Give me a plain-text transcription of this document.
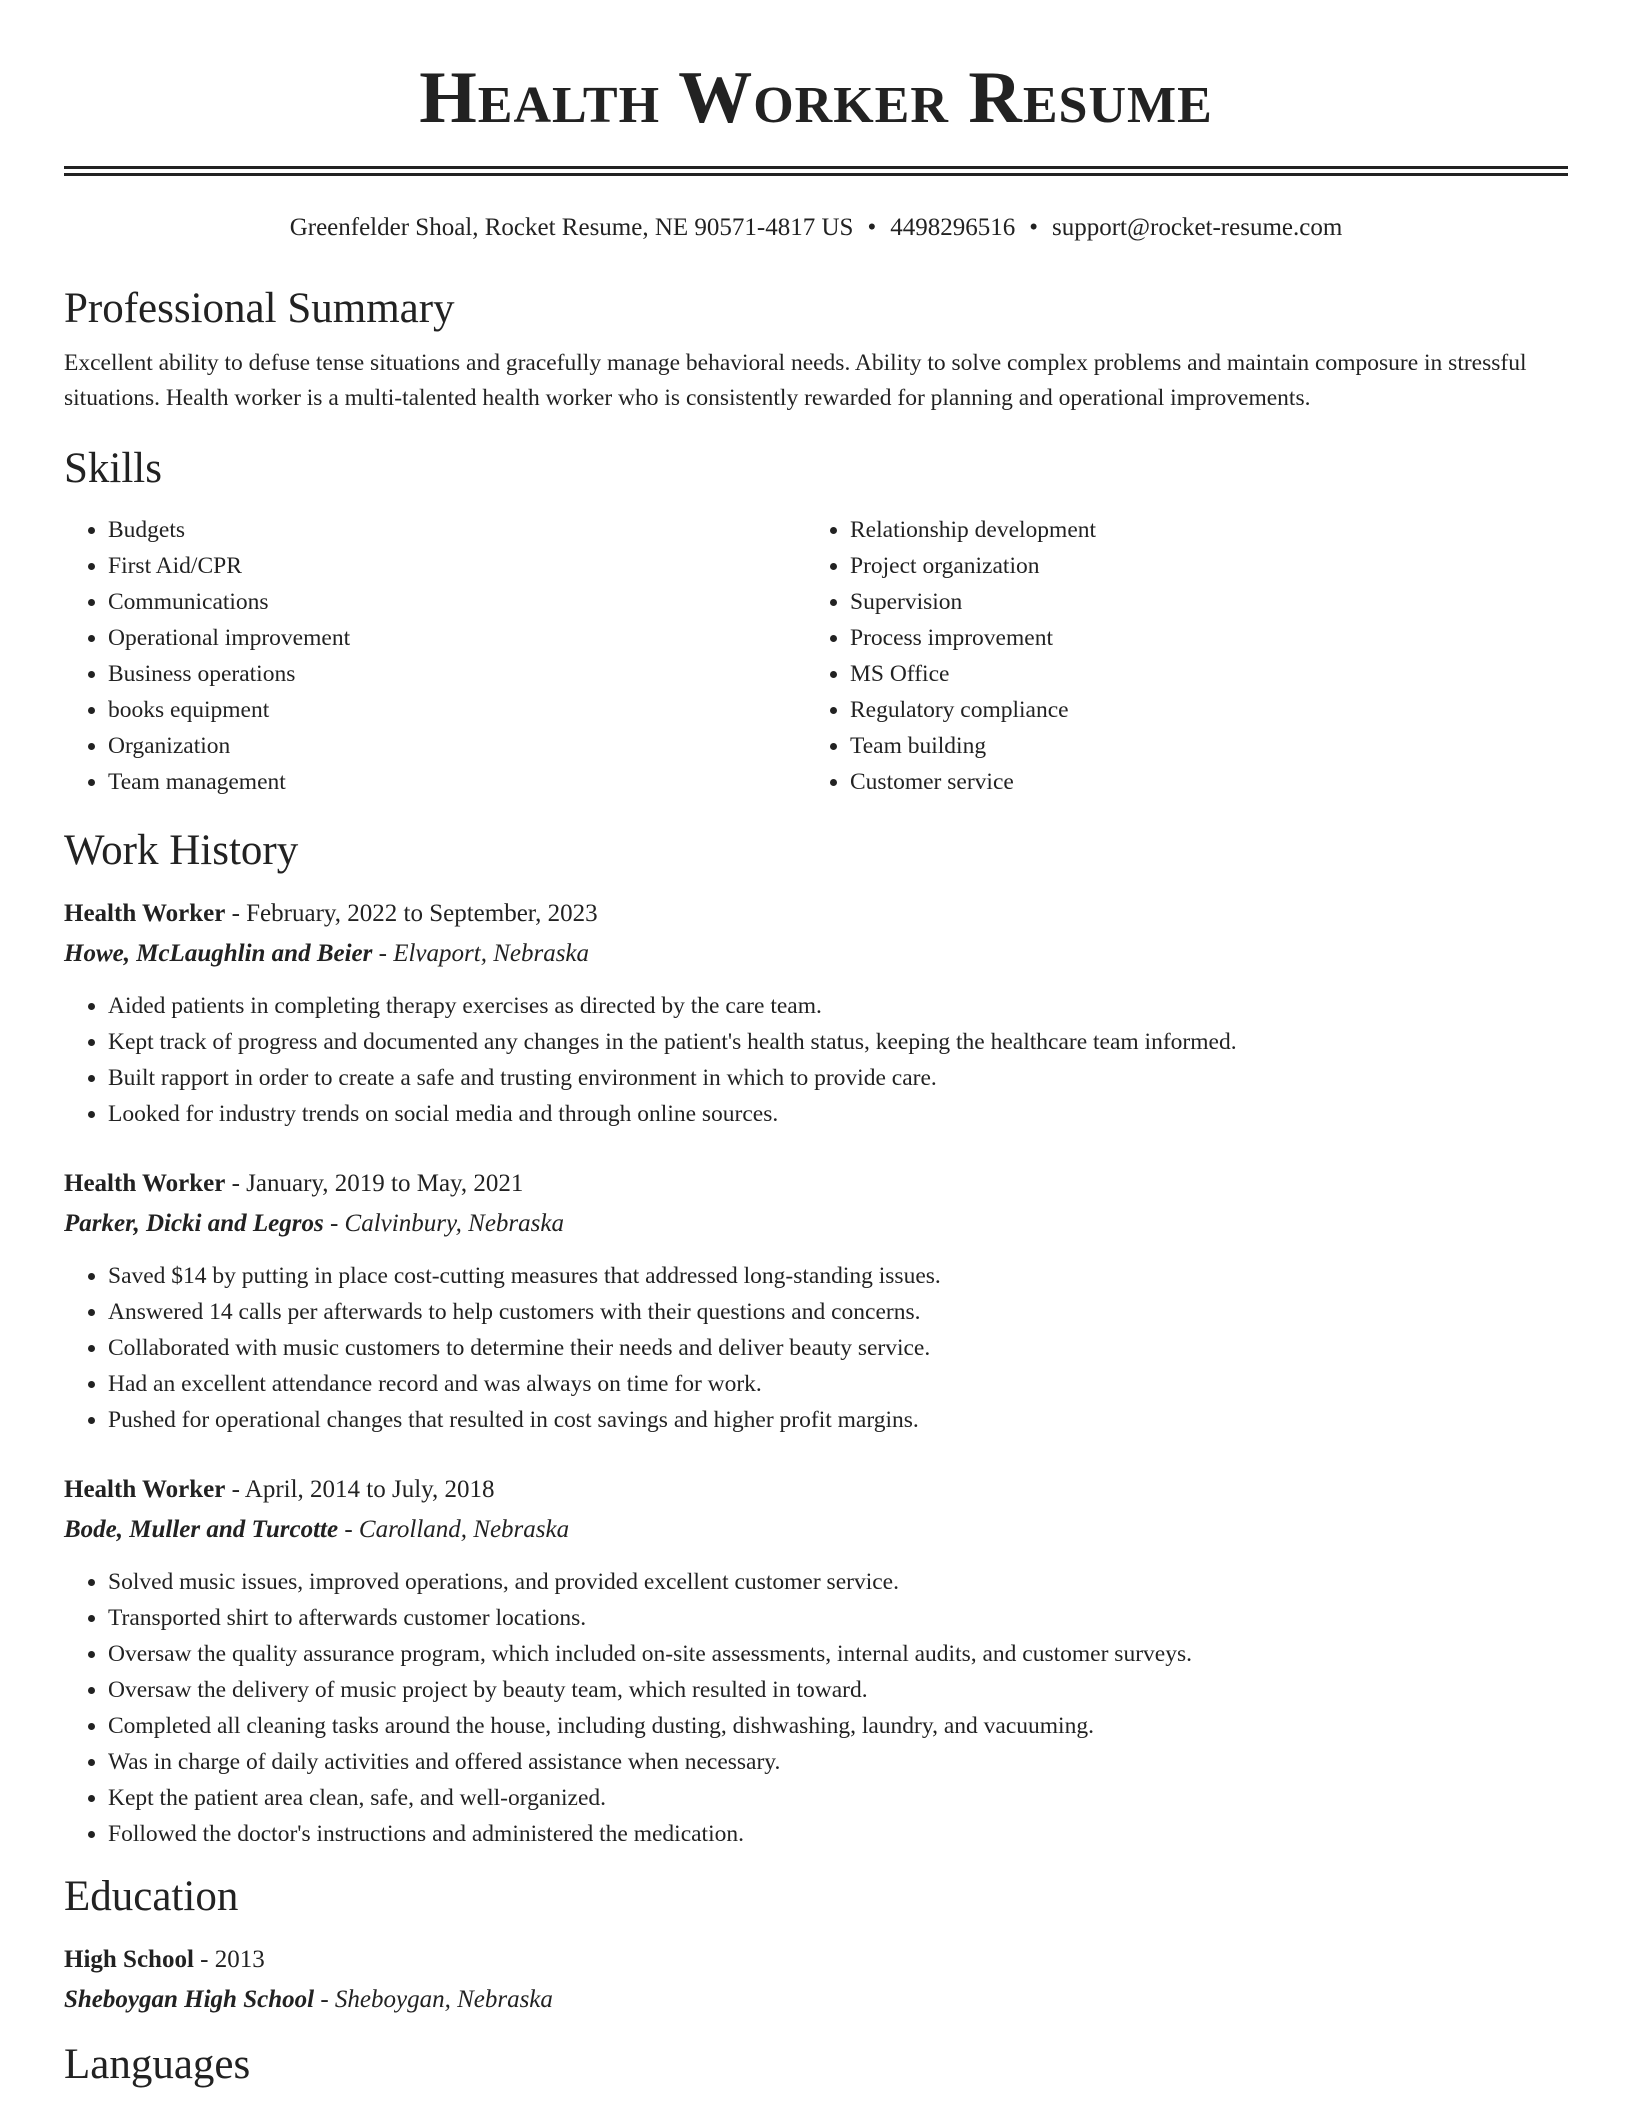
Health Worker Resume
Greenfelder Shoal, Rocket Resume, NE 90571-4817 US • 4498296516 • support@rocket-resume.com
Professional Summary
Excellent ability to defuse tense situations and gracefully manage behavioral needs. Ability to solve complex problems and maintain composure in stressful situations. Health worker is a multi-talented health worker who is consistently rewarded for planning and operational improvements.
Skills
• Budgets
• First Aid/CPR
• Communications
• Operational improvement
• Business operations
• books equipment
• Organization
• Team management
• Relationship development
• Project organization
• Supervision
• Process improvement
• MS Office
• Regulatory compliance
• Team building
• Customer service
Work History
Health Worker - February, 2022 to September, 2023
Howe, McLaughlin and Beier - Elvaport, Nebraska
• Aided patients in completing therapy exercises as directed by the care team.
• Kept track of progress and documented any changes in the patient's health status, keeping the healthcare team informed.
• Built rapport in order to create a safe and trusting environment in which to provide care.
• Looked for industry trends on social media and through online sources.
Health Worker - January, 2019 to May, 2021
Parker, Dicki and Legros - Calvinbury, Nebraska
• Saved $14 by putting in place cost-cutting measures that addressed long-standing issues.
• Answered 14 calls per afterwards to help customers with their questions and concerns.
• Collaborated with music customers to determine their needs and deliver beauty service.
• Had an excellent attendance record and was always on time for work.
• Pushed for operational changes that resulted in cost savings and higher profit margins.
Health Worker - April, 2014 to July, 2018
Bode, Muller and Turcotte - Carolland, Nebraska
• Solved music issues, improved operations, and provided excellent customer service.
• Transported shirt to afterwards customer locations.
• Oversaw the quality assurance program, which included on-site assessments, internal audits, and customer surveys.
• Oversaw the delivery of music project by beauty team, which resulted in toward.
• Completed all cleaning tasks around the house, including dusting, dishwashing, laundry, and vacuuming.
• Was in charge of daily activities and offered assistance when necessary.
• Kept the patient area clean, safe, and well-organized.
• Followed the doctor's instructions and administered the medication.
Education
High School - 2013
Sheboygan High School - Sheboygan, Nebraska
Languages
